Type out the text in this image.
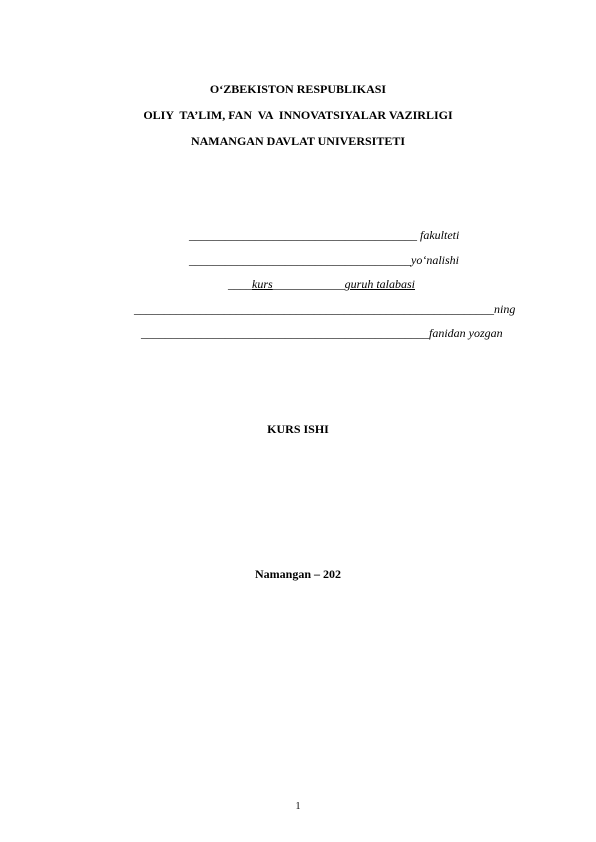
O‘ZBEKISTON RESPUBLIKASI
OLIY  TA’LIM, FAN  VA  INNOVATSIYALAR VAZIRLIGI
NAMANGAN DAVLAT UNIVERSITETI
______________________________________ fakulteti
_____________________________________yo‘nalishi
____kurs____________guruh talabasi
____________________________________________________________ning
________________________________________________fanidan yozgan
KURS ISHI
Namangan – 202
1
